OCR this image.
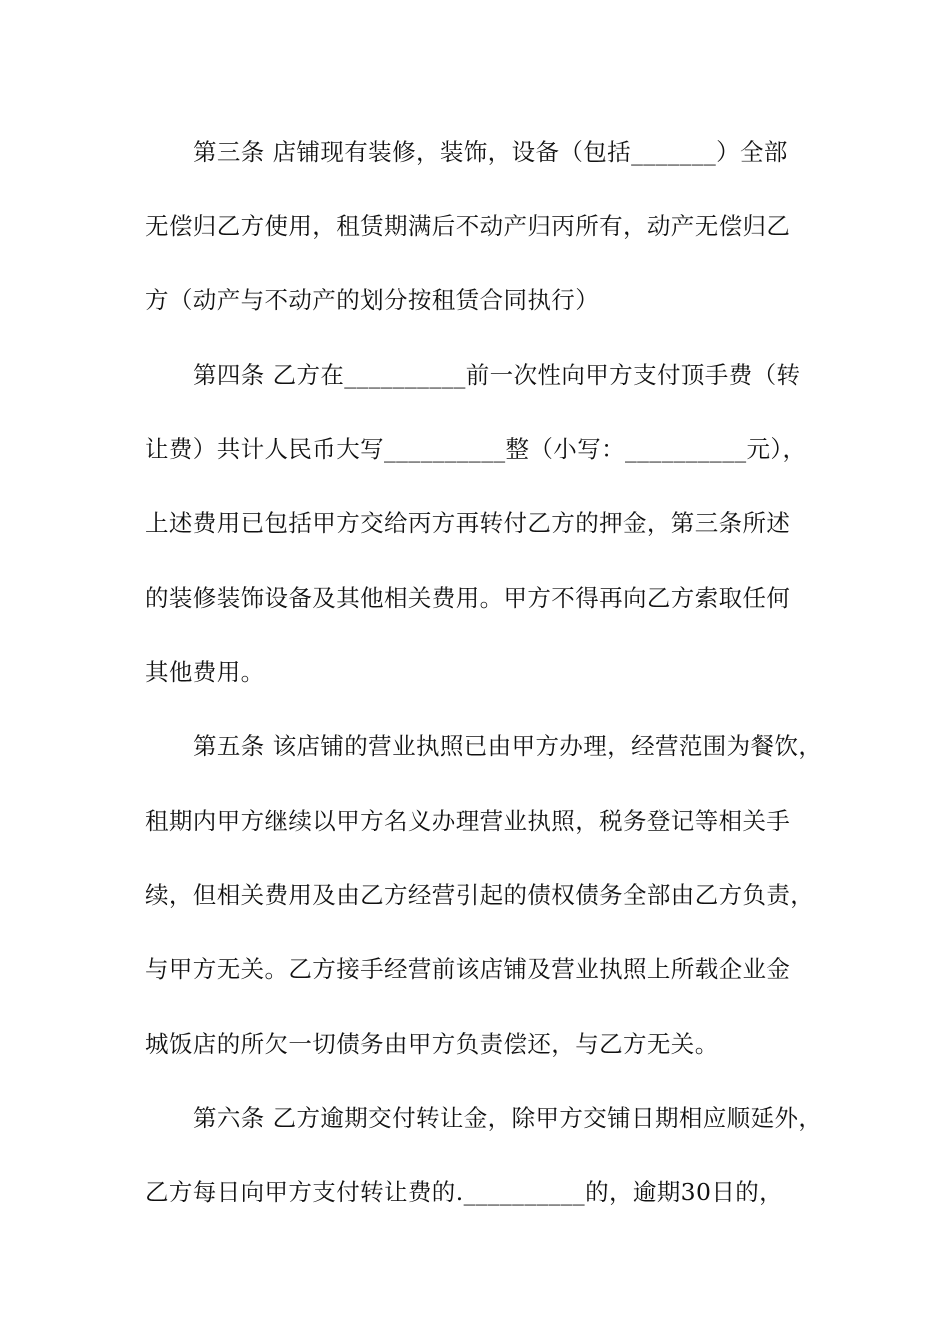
第三条 店铺现有装修，装饰，设备（包括_______）全部
无偿归乙方使用，租赁期满后不动产归丙所有，动产无偿归乙
方（动产与不动产的划分按租赁合同执行）
第四条 乙方在__________前一次性向甲方支付顶手费（转
让费）共计人民币大写__________整（小写：__________元），
上述费用已包括甲方交给丙方再转付乙方的押金，第三条所述
的装修装饰设备及其他相关费用。甲方不得再向乙方索取任何
其他费用。
第五条 该店铺的营业执照已由甲方办理，经营范围为餐饮，
租期内甲方继续以甲方名义办理营业执照，税务登记等相关手
续，但相关费用及由乙方经营引起的债权债务全部由乙方负责，
与甲方无关。乙方接手经营前该店铺及营业执照上所载企业金
城饭店的所欠一切债务由甲方负责偿还，与乙方无关。
第六条 乙方逾期交付转让金，除甲方交铺日期相应顺延外，
乙方每日向甲方支付转让费的.__________的，逾期30日的，
